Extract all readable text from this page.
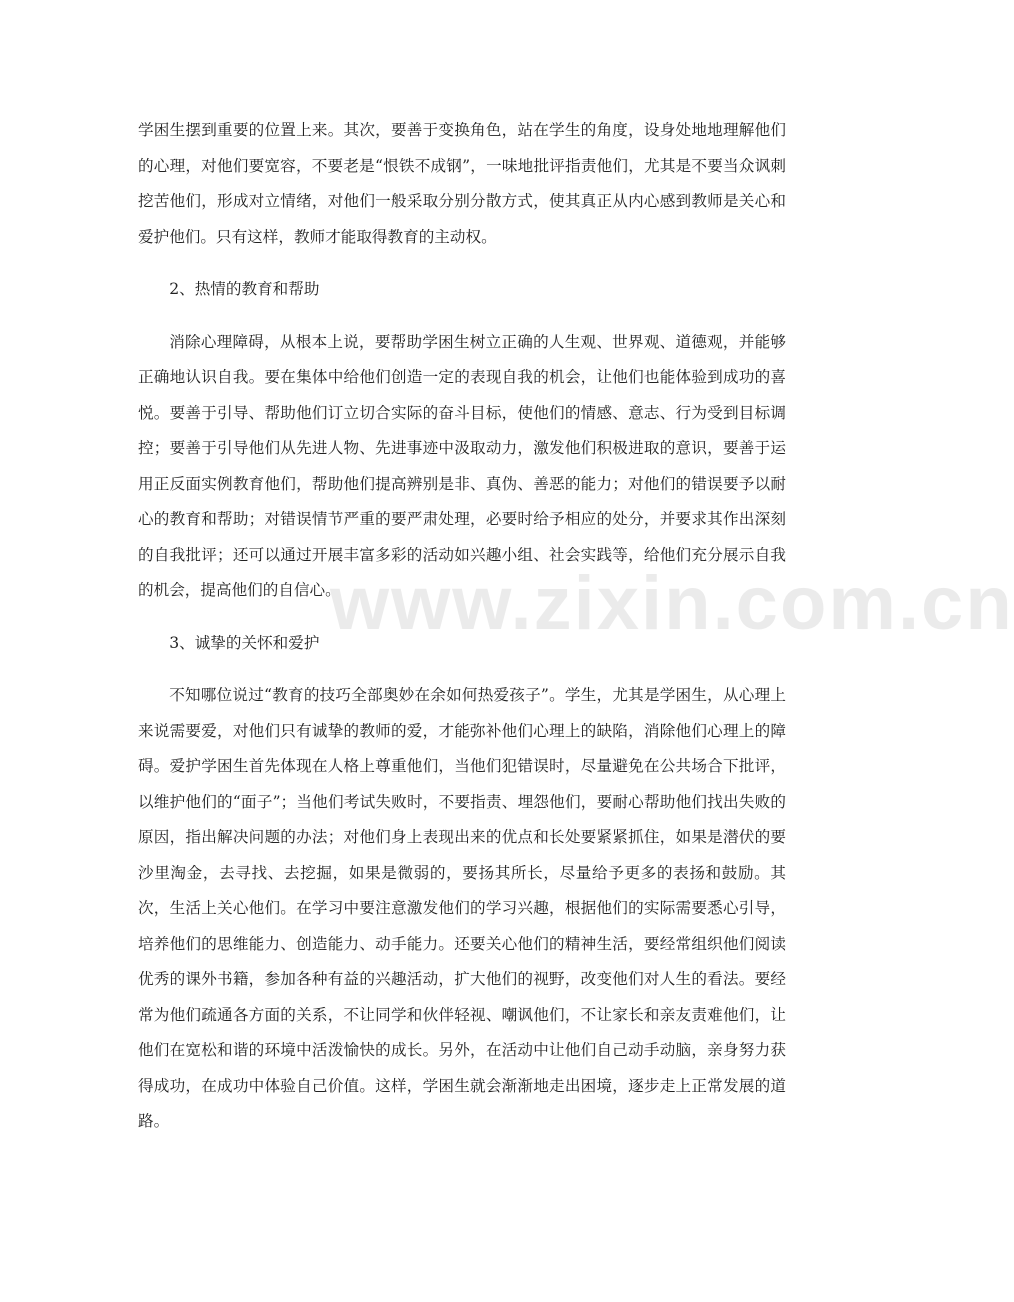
www.zixin.com.cn

学困生摆到重要的位置上来。其次，要善于变换角色，站在学生的角度，设身处地地理解他们的心理，对他们要宽容，不要老是“恨铁不成钢”，一味地批评指责他们，尤其是不要当众讽刺挖苦他们，形成对立情绪，对他们一般采取分别分散方式，使其真正从内心感到教师是关心和爱护他们。只有这样，教师才能取得教育的主动权。

2、热情的教育和帮助

消除心理障碍，从根本上说，要帮助学困生树立正确的人生观、世界观、道德观，并能够正确地认识自我。要在集体中给他们创造一定的表现自我的机会，让他们也能体验到成功的喜悦。要善于引导、帮助他们订立切合实际的奋斗目标，使他们的情感、意志、行为受到目标调控；要善于引导他们从先进人物、先进事迹中汲取动力，激发他们积极进取的意识，要善于运用正反面实例教育他们，帮助他们提高辨别是非、真伪、善恶的能力；对他们的错误要予以耐心的教育和帮助；对错误情节严重的要严肃处理，必要时给予相应的处分，并要求其作出深刻的自我批评；还可以通过开展丰富多彩的活动如兴趣小组、社会实践等，给他们充分展示自我的机会，提高他们的自信心。

3、诚挚的关怀和爱护

不知哪位说过“教育的技巧全部奥妙在余如何热爱孩子”。学生，尤其是学困生，从心理上来说需要爱，对他们只有诚挚的教师的爱，才能弥补他们心理上的缺陷，消除他们心理上的障碍。爱护学困生首先体现在人格上尊重他们，当他们犯错误时，尽量避免在公共场合下批评，以维护他们的“面子”；当他们考试失败时，不要指责、埋怨他们，要耐心帮助他们找出失败的原因，指出解决问题的办法；对他们身上表现出来的优点和长处要紧紧抓住，如果是潜伏的要沙里淘金，去寻找、去挖掘，如果是微弱的，要扬其所长，尽量给予更多的表扬和鼓励。其次，生活上关心他们。在学习中要注意激发他们的学习兴趣，根据他们的实际需要悉心引导，培养他们的思维能力、创造能力、动手能力。还要关心他们的精神生活，要经常组织他们阅读优秀的课外书籍，参加各种有益的兴趣活动，扩大他们的视野，改变他们对人生的看法。要经常为他们疏通各方面的关系，不让同学和伙伴轻视、嘲讽他们，不让家长和亲友责难他们，让他们在宽松和谐的环境中活泼愉快的成长。另外，在活动中让他们自己动手动脑，亲身努力获得成功，在成功中体验自己价值。这样，学困生就会渐渐地走出困境，逐步走上正常发展的道路。
